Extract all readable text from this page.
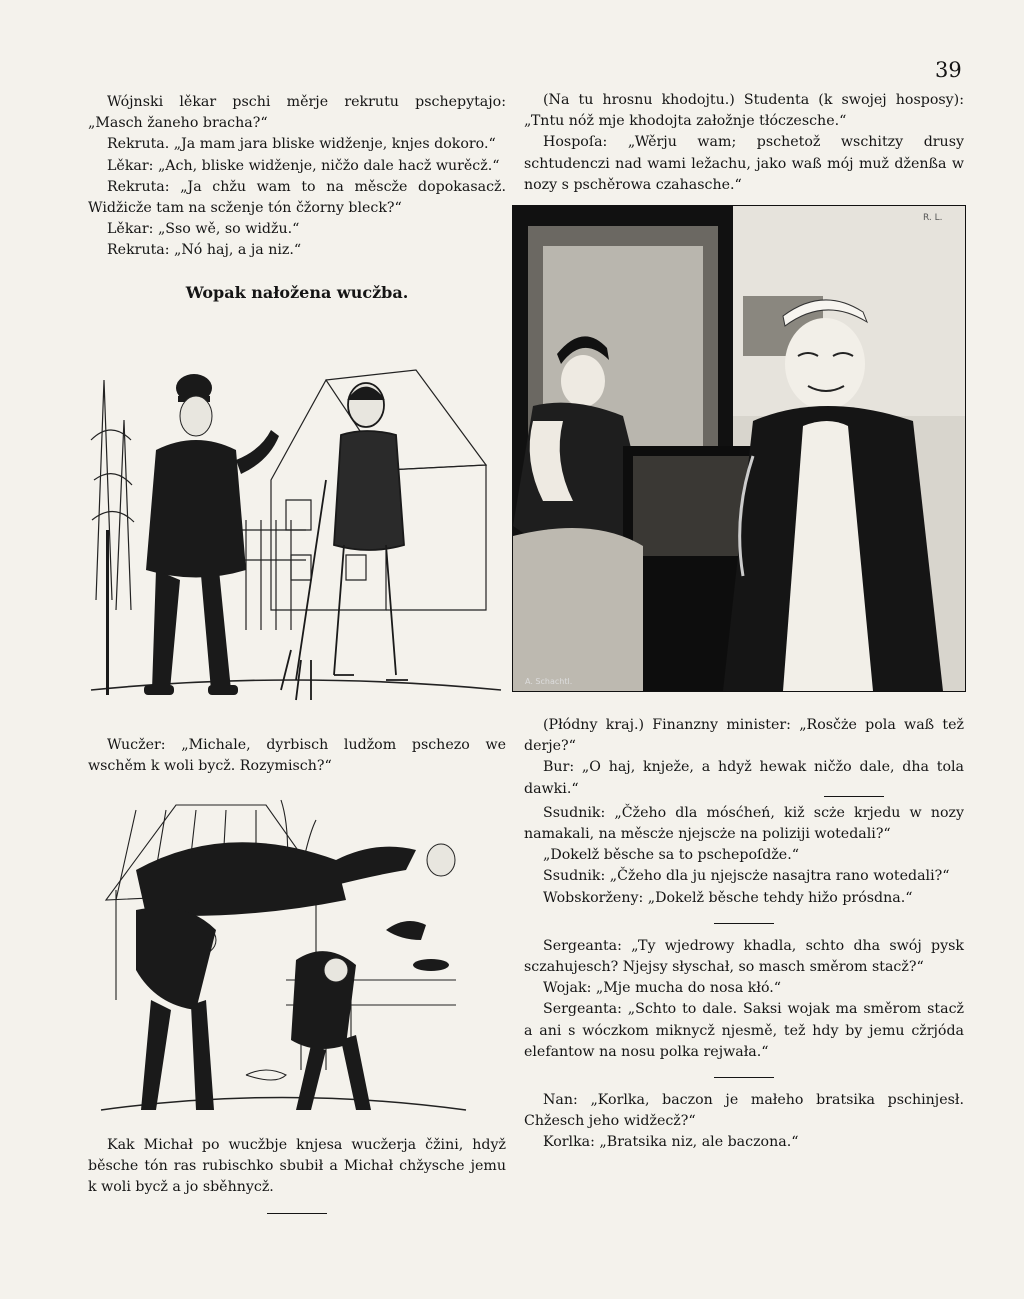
39

Wójnski lěkar pschi měrje rekrutu pschepytajo: „Masch žaneho bracha?“

Rekruta. „Ja mam jara bliske widženje, knjes dokoro.“

Lěkar: „Ach, bliske widženje, ničžo dale hacž wurěcž.“

Rekruta: „Ja chžu wam to na měscže dopokasacž. Widžicže tam na scženje tón čžorny bleck?“

Lěkar: „Sso wě, so widžu.“

Rekruta: „Nó haj, a ja niz.“

Wopak nałožena wucžba.

Wucžer: „Michale, dyrbisch ludžom pschezo we wschěm k woli bycž. Rozymisch?“

Kak Michał po wucžbje knjesa wucžerja čžini, hdyž běsche tón ras rubischko sbubił a Michał chžysche jemu k woli bycž a jo sběhnycž.

(Na tu hrosnu khodojtu.) Studenta (k swojej hosposy): „Tntu nóž mje khodojta załožnje tłóczesche.“

Hospoſa: „Wěrju wam; pschetož wschitzy drusy schtudenczi nad wami ležachu, jako waß mój muž dženßa w nozy s pschěrowa czahasche.“

R. L.
A. Schachtl.

(Płódny kraj.) Finanzny minister: „Rosčże pola waß tež derje?“

Bur: „O haj, knježe, a hdyž hewak ničžo dale, dha tola dawki.“

Ssudnik: „Čžeho dla mósćheń, kiž scże krjedu w nozy namakali, na měscże njejscże na poliziji wotedali?“

„Dokelž běsche sa to pschepoſdže.“

Ssudnik: „Čžeho dla ju njejscże nasajtra rano wotedali?“

Wobskorženy: „Dokelž běsche tehdy hižo prósdna.“

Sergeanta: „Ty wjedrowy khadla, schto dha swój pysk sczahujesch? Njejsy słyschał, so masch směrom stacž?“

Wojak: „Mje mucha do nosa kłó.“

Sergeanta: „Schto to dale. Saksi wojak ma směrom stacž a ani s wóczkom miknycž njesmě, tež hdy by jemu cžrjóda elefantow na nosu polka rejwała.“

Nan: „Korlka, baczon je małeho bratsika pschinjesł. Chžesch jeho widžecž?“

Korlka: „Bratsika niz, ale baczona.“
